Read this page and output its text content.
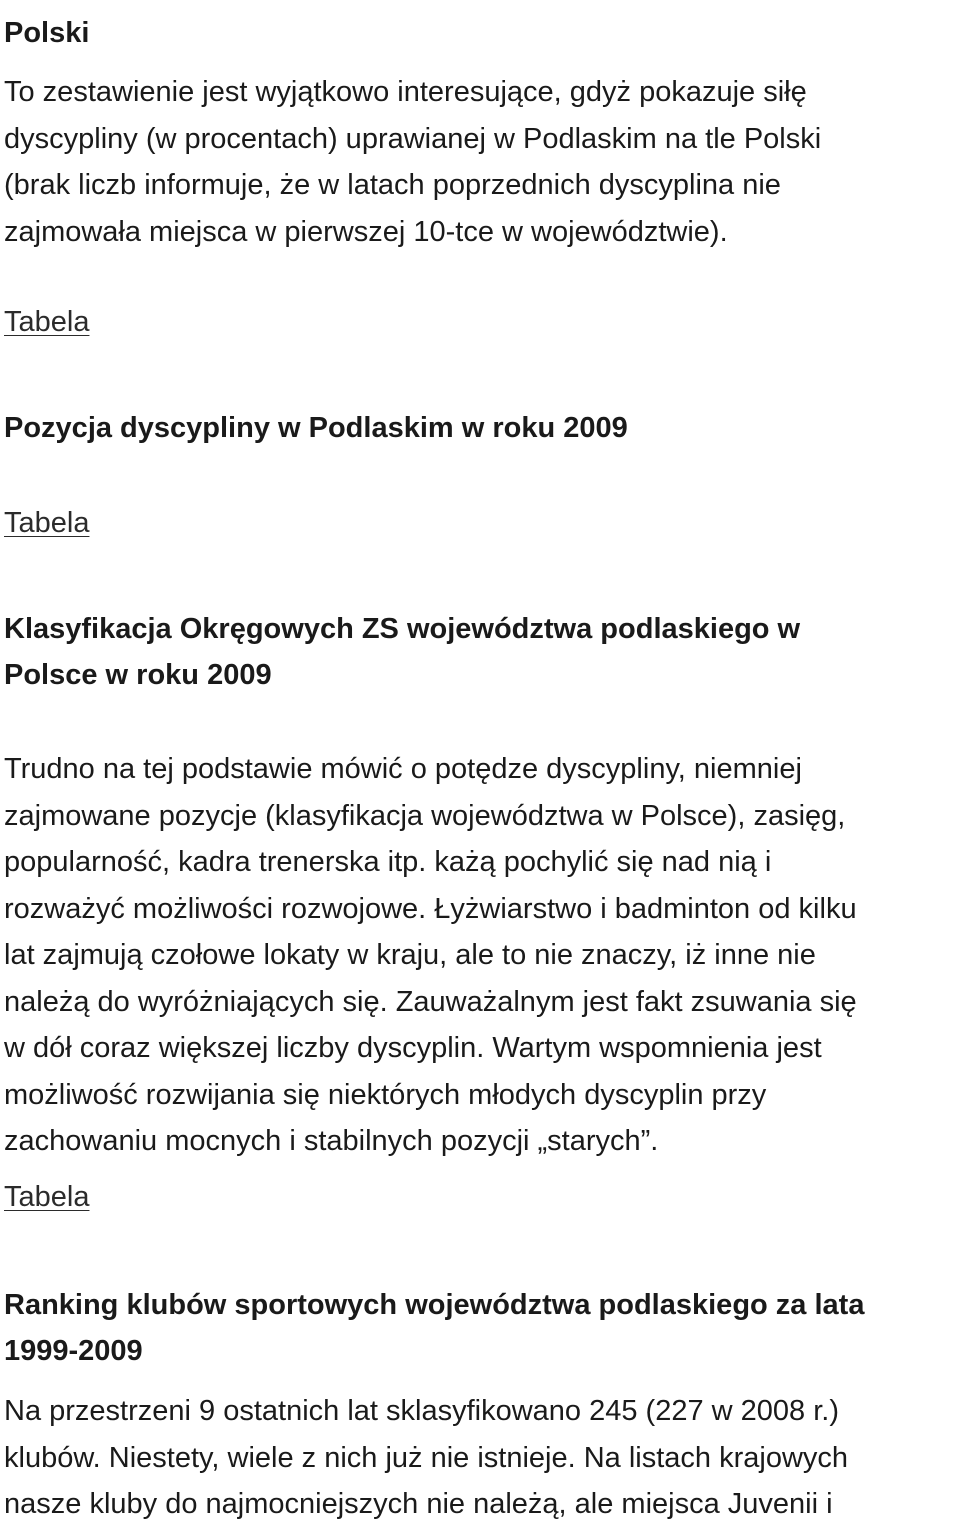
Polski

To zestawienie jest wyjątkowo interesujące, gdyż pokazuje siłę
dyscypliny (w procentach) uprawianej w Podlaskim na tle Polski
(brak liczb informuje, że w latach poprzednich dyscyplina nie
zajmowała miejsca w pierwszej 10-tce w województwie).

Tabela
Pozycja dyscypliny w Podlaskim w roku 2009
Tabela
Klasyfikacja Okręgowych ZS województwa podlaskiego w
Polsce w roku 2009

Trudno na tej podstawie mówić o potędze dyscypliny, niemniej
zajmowane pozycje (klasyfikacja województwa w Polsce), zasięg,
popularność, kadra trenerska itp. każą pochylić się nad nią i
rozważyć możliwości rozwojowe. Łyżwiarstwo i badminton od kilku
lat zajmują czołowe lokaty w kraju, ale to nie znaczy, iż inne nie
należą do wyróżniających się. Zauważalnym jest fakt zsuwania się
w dół coraz większej liczby dyscyplin. Wartym wspomnienia jest
możliwość rozwijania się niektórych młodych dyscyplin przy
zachowaniu mocnych i stabilnych pozycji „starych”.

Tabela
Ranking klubów sportowych województwa podlaskiego za lata
1999-2009

Na przestrzeni 9 ostatnich lat sklasyfikowano 245 (227 w 2008 r.)
klubów. Niestety, wiele z nich już nie istnieje. Na listach krajowych
nasze kluby do najmocniejszych nie należą, ale miejsca Juvenii i
